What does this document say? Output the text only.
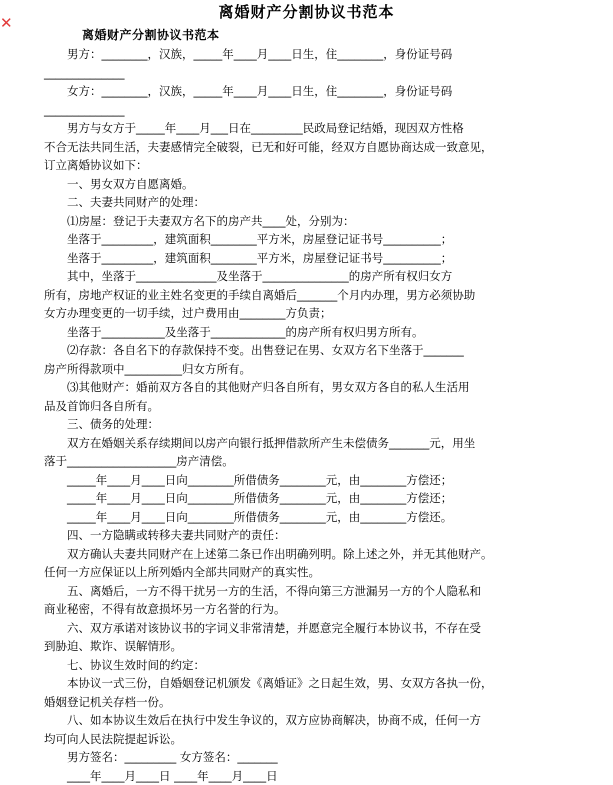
✕
离婚财产分割协议书范本
离婚财产分割协议书范本

　　男方：________，汉族，_____年____月____日生，住________，身份证号码

______________

　　女方：________，汉族，_____年____月____日生，住________，身份证号码

______________

　　男方与女方于_____年____月___日在_________民政局登记结婚，现因双方性格

不合无法共同生活，夫妻感情完全破裂，已无和好可能，经双方自愿协商达成一致意见，

订立离婚协议如下：

　　一、男女双方自愿离婚。

　　二、夫妻共同财产的处理：

　　⑴房屋：登记于夫妻双方名下的房产共____处，分别为：

　　坐落于_________，建筑面积________平方米，房屋登记证书号__________；

　　坐落于_________，建筑面积________平方米，房屋登记证书号__________；

　　其中，坐落于______________及坐落于_______________的房产所有权归女方

所有，房地产权证的业主姓名变更的手续自离婚后_______个月内办理，男方必须协助

女方办理变更的一切手续，过户费用由________方负责；

　　坐落于___________及坐落于_____________的房产所有权归男方所有。

　　⑵存款：各自名下的存款保持不变。出售登记在男、女双方名下坐落于_______

房产所得款项中__________归女方所有。

　　⑶其他财产：婚前双方各自的其他财产归各自所有，男女双方各自的私人生活用

品及首饰归各自所有。

　　三、债务的处理：

　　双方在婚姻关系存续期间以房产向银行抵押借款所产生未偿债务_______元，用坐

落于___________________房产清偿。

　　_____年____月____日向________所借债务________元，由________方偿还；

　　_____年____月____日向________所借债务________元，由________方偿还；

　　_____年____月____日向________所借债务________元，由________方偿还。

　　四、一方隐瞒或转移夫妻共同财产的责任：

　　双方确认夫妻共同财产在上述第二条已作出明确列明。除上述之外，并无其他财产。

任何一方应保证以上所列婚内全部共同财产的真实性。

　　五、离婚后，一方不得干扰另一方的生活，不得向第三方泄漏另一方的个人隐私和

商业秘密，不得有故意损坏另一方名誉的行为。

　　六、双方承诺对该协议书的字词义非常清楚，并愿意完全履行本协议书，不存在受

到胁迫、欺诈、误解情形。

　　七、协议生效时间的约定：

　　本协议一式三份，自婚姻登记机颁发《离婚证》之日起生效，男、女双方各执一份，

婚姻登记机关存档一份。

　　八、如本协议生效后在执行中发生争议的，双方应协商解决，协商不成，任何一方

均可向人民法院提起诉讼。

　　男方签名：_________ 女方签名：_______

　　____年____月____日 ____年____月____日
